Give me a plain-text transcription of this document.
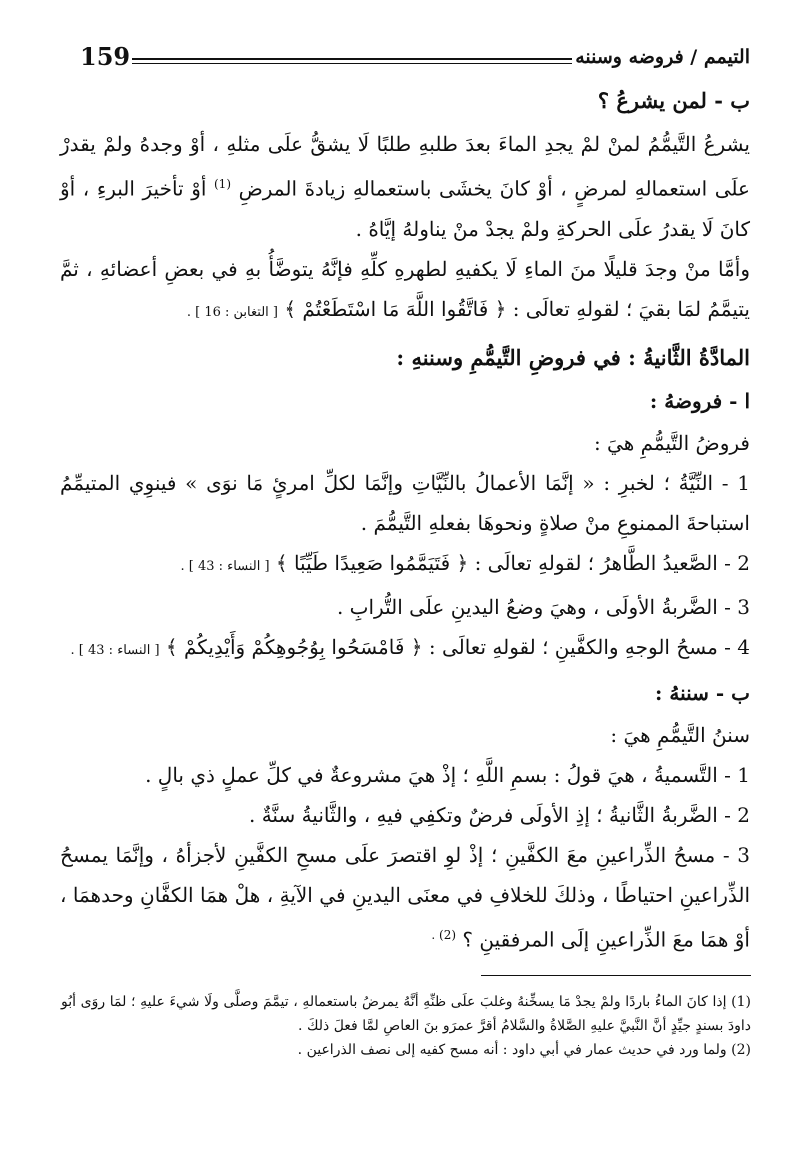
159	التيمم / فروضه وسننه
ب - لمن يشرعُ ؟

يشرعُ التَّيمُّمُ لمنْ لمْ يجدِ الماءَ بعدَ طلبهِ طلبًا لَا يشقُّ علَى مثلهِ ، أوْ وجدهُ ولمْ يقدرْ علَى استعمالهِ لمرضٍ ، أوْ كانَ يخشَى باستعمالهِ زيادةَ المرضِ $^{(1)}$ أوْ تأخيرَ البرءِ ، أوْ كانَ لَا يقدرُ علَى الحركةِ ولمْ يجدْ منْ يناولهُ إيَّاهُ .

وأمَّا منْ وجدَ قليلًا منَ الماءِ لَا يكفيهِ لطهرهِ كلِّهِ فإنَّهُ يتوضَّأُ بهِ في بعضِ أعضائهِ ، ثمَّ يتيمَّمُ لمَا بقيَ ؛ لقولهِ تعالَى : ﴿ فَاتَّقُوا اللَّهَ مَا اسْتَطَعْتُمْ ﴾ [ التغابن : 16 ] .

المادَّةُ الثَّانيةُ : في فروضِ التَّيمُّمِ وسننهِ :
ا - فروضهُ :

فروضُ التَّيمُّمِ هيَ :

1 - النِّيَّةُ ؛ لخبرِ : « إنَّمَا الأعمالُ بالنِّيَّاتِ وإنَّمَا لكلِّ امرئٍ مَا نوَى » فينوِي المتيمِّمُ استباحةَ الممنوعِ منْ صلاةٍ ونحوهَا بفعلهِ التَّيمُّمَ .

2 - الصَّعيدُ الطَّاهرُ ؛ لقولهِ تعالَى : ﴿ فَتَيَمَّمُوا صَعِيدًا طَيِّبًا ﴾ [ النساء : 43 ] .

3 - الضَّربةُ الأولَى ، وهيَ وضعُ اليدينِ علَى التُّرابِ .

4 - مسحُ الوجهِ والكفَّينِ ؛ لقولهِ تعالَى : ﴿ فَامْسَحُوا بِوُجُوهِكُمْ وَأَيْدِيكُمْ ﴾ [ النساء : 43 ] .

ب - سننهُ :

سننُ التَّيمُّمِ هيَ :

1 - التَّسميةُ ، هيَ قولُ : بسمِ اللَّهِ ؛ إذْ هيَ مشروعةٌ في كلِّ عملٍ ذي بالٍ .

2 - الضَّربةُ الثَّانيةُ ؛ إذِ الأولَى فرضٌ وتكفِي فيهِ ، والثَّانيةُ سنَّةٌ .

3 - مسحُ الذِّراعينِ معَ الكفَّينِ ؛ إذْ لوِ اقتصرَ علَى مسحِ الكفَّينِ لأجزأهُ ، وإنَّمَا يمسحُ الذِّراعينِ احتياطًا ، وذلكَ للخلافِ في معنَى اليدينِ في الآيةِ ، هلْ همَا الكفَّانِ وحدهمَا ، أوْ همَا معَ الذِّراعينِ إلَى المرفقينِ ؟ $^{(2) .}$

(1) إذا كانَ الماءُ باردًا ولمْ يجدْ مَا يسخِّنهُ وغلبَ علَى ظنِّهِ أنَّهُ يمرضُ باستعمالهِ ، تيمَّمَ وصلَّى ولَا شيءَ عليهِ ؛ لمَا روَى أبُو داودَ بسندٍ جيِّدٍ أنَّ النَّبيَّ عليهِ الصَّلاةُ والسَّلامُ أقرَّ عمرَو بنَ العاصِ لمَّا فعلَ ذلكَ .

(2) ولما ورد في حديث عمار في أبي داود : أنه مسح كفيه إلى نصف الذراعين .
